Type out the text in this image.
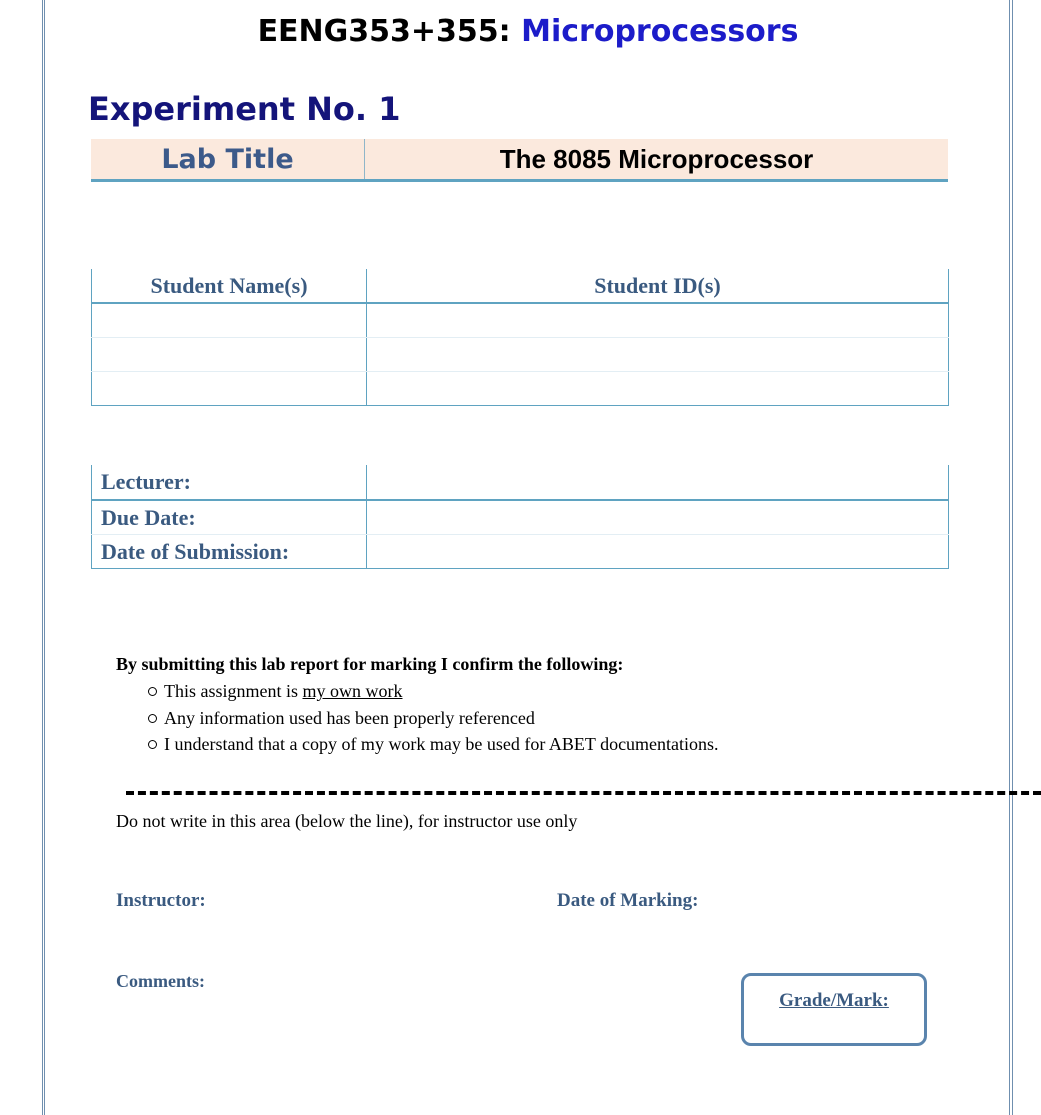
EENG353+355: Microprocessors
Experiment No. 1
Lab Title	The 8085 Microprocessor
Student Name(s)	Student ID(s)

Lecturer:	
Due Date:	
Date of Submission:	
By submitting this lab report for marking I confirm the following:
This assignment is my own work
Any information used has been properly referenced
I understand that a copy of my work may be used for ABET documentations.
Do not write in this area (below the line), for instructor use only
Instructor:	Date of Marking:
Comments:
Grade/Mark:
